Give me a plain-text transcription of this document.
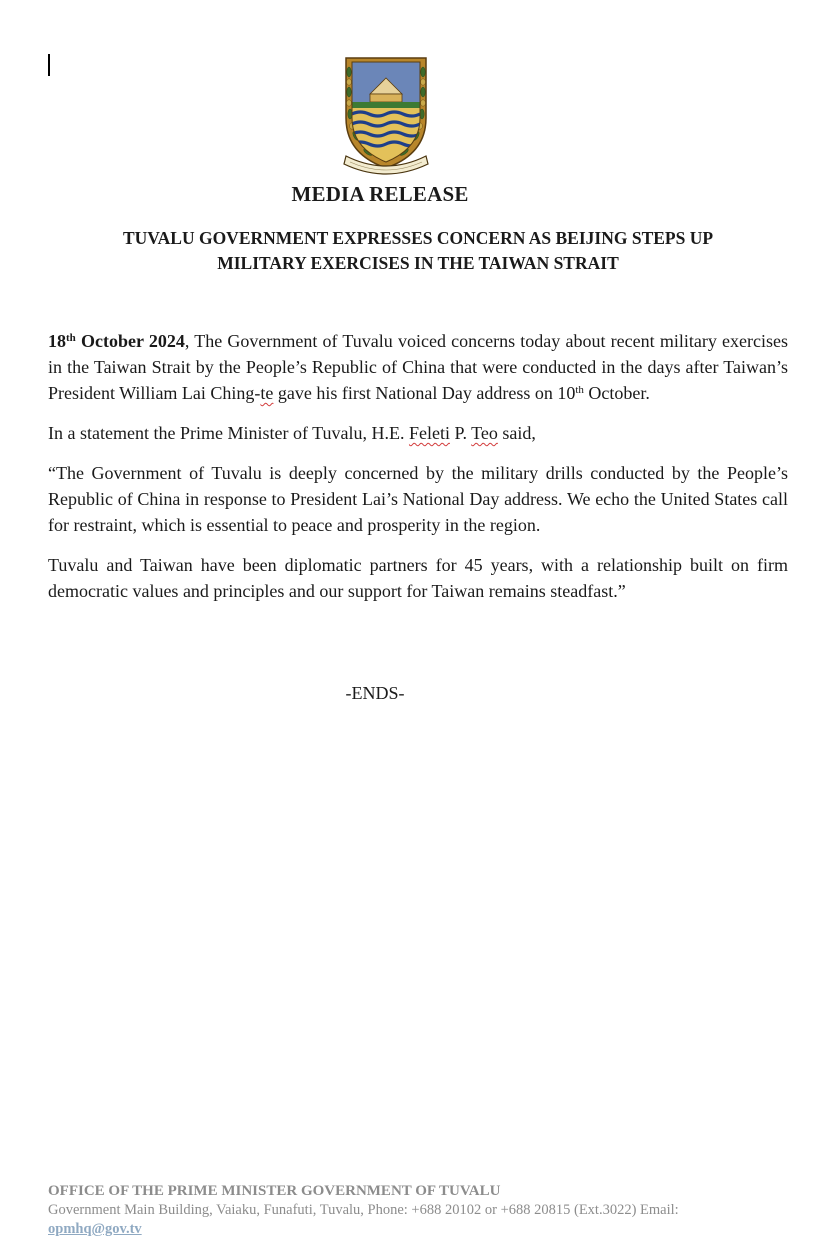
MEDIA RELEASE
TUVALU GOVERNMENT EXPRESSES CONCERN AS BEIJING STEPS UP
MILITARY EXERCISES IN THE TAIWAN STRAIT

18th October 2024, The Government of Tuvalu voiced concerns today about recent military exercises in the Taiwan Strait by the People’s Republic of China that were conducted in the days after Taiwan’s President William Lai Ching-te gave his first National Day address on 10th October.

In a statement the Prime Minister of Tuvalu, H.E. Feleti P. Teo said,

“The Government of Tuvalu is deeply concerned by the military drills conducted by the People’s Republic of China in response to President Lai’s National Day address. We echo the United States call for restraint, which is essential to peace and prosperity in the region.

Tuvalu and Taiwan have been diplomatic partners for 45 years, with a relationship built on firm democratic values and principles and our support for Taiwan remains steadfast.”

-ENDS-
OFFICE OF THE PRIME MINISTER GOVERNMENT OF TUVALU
Government Main Building, Vaiaku, Funafuti, Tuvalu, Phone: +688 20102 or +688 20815 (Ext.3022) Email:
opmhq@gov.tv
